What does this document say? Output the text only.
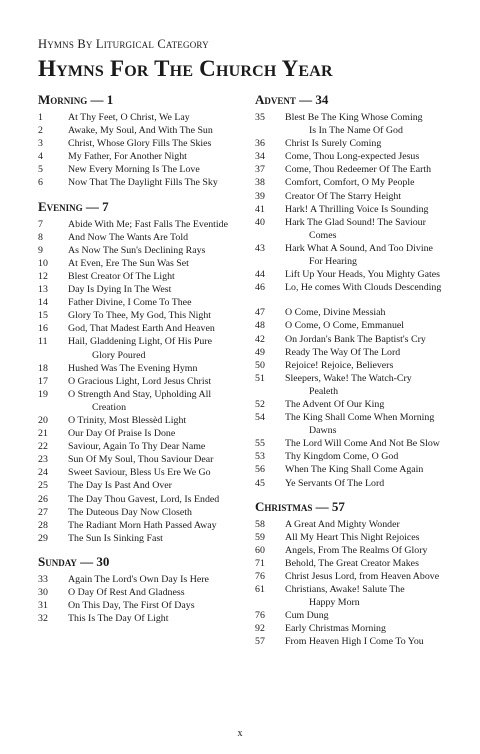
Hymns By Liturgical Category
Hymns For The Church Year
Morning — 1
1	At Thy Feet, O Christ, We Lay
2	Awake, My Soul, And With The Sun
3	Christ, Whose Glory Fills The Skies
4	My Father, For Another Night
5	New Every Morning Is The Love
6	Now That The Daylight Fills The Sky
Evening — 7
7	Abide With Me; Fast Falls The Eventide
8	And Now The Wants Are Told
9	As Now The Sun's Declining Rays
10	At Even, Ere The Sun Was Set
12	Blest Creator Of The Light
13	Day Is Dying In The West
14	Father Divine, I Come To Thee
15	Glory To Thee, My God, This Night
16	God, That Madest Earth And Heaven
11	Hail, Gladdening Light, Of His Pure
Glory Poured
18	Hushed Was The Evening Hymn
17	O Gracious Light, Lord Jesus Christ
19	O Strength And Stay, Upholding All
Creation
20	O Trinity, Most Blessèd Light
21	Our Day Of Praise Is Done
22	Saviour, Again To Thy Dear Name
23	Sun Of My Soul, Thou Saviour Dear
24	Sweet Saviour, Bless Us Ere We Go
25	The Day Is Past And Over
26	The Day Thou Gavest, Lord, Is Ended
27	The Duteous Day Now Closeth
28	The Radiant Morn Hath Passed Away
29	The Sun Is Sinking Fast
Sunday — 30
33	Again The Lord's Own Day Is Here
30	O Day Of Rest And Gladness
31	On This Day, The First Of Days
32	This Is The Day Of Light
Advent — 34
35	Blest Be The King Whose Coming
Is In The Name Of God
36	Christ Is Surely Coming
34	Come, Thou Long-expected Jesus
37	Come, Thou Redeemer Of The Earth
38	Comfort, Comfort, O My People
39	Creator Of The Starry Height
41	Hark! A Thrilling Voice Is Sounding
40	Hark The Glad Sound! The Saviour
Comes
43	Hark What A Sound, And Too Divine
For Hearing
44	Lift Up Your Heads, You Mighty Gates
46	Lo, He comes With Clouds Descending
47	O Come, Divine Messiah
48	O Come, O Come, Emmanuel
42	On Jordan's Bank The Baptist's Cry
49	Ready The Way Of The Lord
50	Rejoice! Rejoice, Believers
51	Sleepers, Wake! The Watch-Cry
Pealeth
52	The Advent Of Our King
54	The King Shall Come When Morning
Dawns
55	The Lord Will Come And Not Be Slow
53	Thy Kingdom Come, O God
56	When The King Shall Come Again
45	Ye Servants Of The Lord
Christmas — 57
58	A Great And Mighty Wonder
59	All My Heart This Night Rejoices
60	Angels, From The Realms Of Glory
71	Behold, The Great Creator Makes
76	Christ Jesus Lord, from Heaven Above
61	Christians, Awake! Salute The
Happy Morn
76	Cum Dung
92	Early Christmas Morning
57	From Heaven High I Come To You
x
